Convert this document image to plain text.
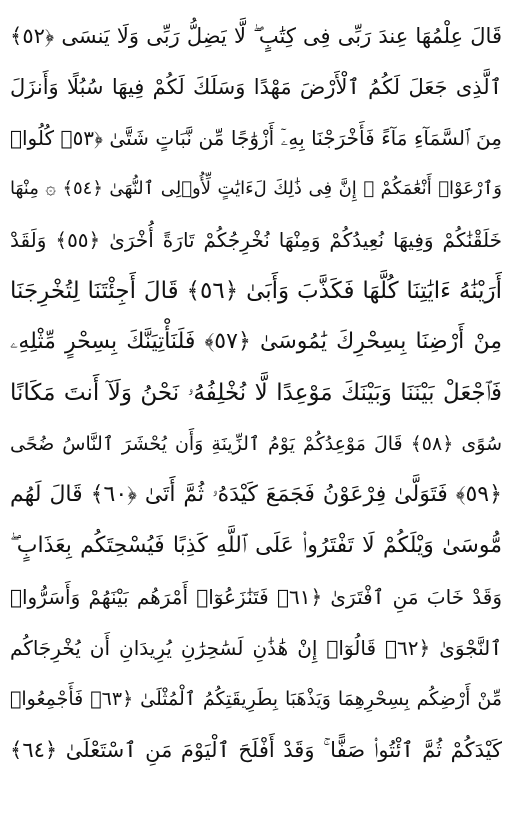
قَالَ عِلْمُهَا عِندَ رَبِّى فِى كِتَٰبٍ ۖ لَّا يَضِلُّ رَبِّى وَلَا يَنسَى ﴿٥٢﴾
ٱلَّذِى جَعَلَ لَكُمُ ٱلْأَرْضَ مَهْدًا وَسَلَكَ لَكُمْ فِيهَا سُبُلًا وَأَنزَلَ
مِنَ ٱلسَّمَآءِ مَآءً فَأَخْرَجْنَا بِهِۦٓ أَزْوَٰجًا مِّن نَّبَاتٍ شَتَّىٰ ﴿٥٣﴾ كُلُوا۟
وَٱرْعَوْا۟ أَنْعَٰمَكُمْ ۗ إِنَّ فِى ذَٰلِكَ لَءَايَٰتٍ لِّأُو۟لِى ٱلنُّهَىٰ ﴿٥٤﴾ ۞ مِنْهَا
خَلَقْنَٰكُمْ وَفِيهَا نُعِيدُكُمْ وَمِنْهَا نُخْرِجُكُمْ تَارَةً أُخْرَىٰ ﴿٥٥﴾ وَلَقَدْ
أَرَيْنَٰهُ ءَايَٰتِنَا كُلَّهَا فَكَذَّبَ وَأَبَىٰ ﴿٥٦﴾ قَالَ أَجِئْتَنَا لِتُخْرِجَنَا
مِنْ أَرْضِنَا بِسِحْرِكَ يَٰمُوسَىٰ ﴿٥٧﴾ فَلَنَأْتِيَنَّكَ بِسِحْرٍ مِّثْلِهِۦ
فَٱجْعَلْ بَيْنَنَا وَبَيْنَكَ مَوْعِدًا لَّا نُخْلِفُهُۥ نَحْنُ وَلَآ أَنتَ مَكَانًا
سُوًى ﴿٥٨﴾ قَالَ مَوْعِدُكُمْ يَوْمُ ٱلزِّينَةِ وَأَن يُحْشَرَ ٱلنَّاسُ ضُحًى
﴿٥٩﴾ فَتَوَلَّىٰ فِرْعَوْنُ فَجَمَعَ كَيْدَهُۥ ثُمَّ أَتَىٰ ﴿٦٠﴾ قَالَ لَهُم
مُّوسَىٰ وَيْلَكُمْ لَا تَفْتَرُوا۟ عَلَى ٱللَّهِ كَذِبًا فَيُسْحِتَكُم بِعَذَابٍ ۖ
وَقَدْ خَابَ مَنِ ٱفْتَرَىٰ ﴿٦١﴾ فَتَنَٰزَعُوٓا۟ أَمْرَهُم بَيْنَهُمْ وَأَسَرُّوا۟
ٱلنَّجْوَىٰ ﴿٦٢﴾ قَالُوٓا۟ إِنْ هَٰذَٰنِ لَسَٰحِرَٰنِ يُرِيدَانِ أَن يُخْرِجَاكُم
مِّنْ أَرْضِكُم بِسِحْرِهِمَا وَيَذْهَبَا بِطَرِيقَتِكُمُ ٱلْمُثْلَىٰ ﴿٦٣﴾ فَأَجْمِعُوا۟
كَيْدَكُمْ ثُمَّ ٱئْتُوا۟ صَفًّا ۚ وَقَدْ أَفْلَحَ ٱلْيَوْمَ مَنِ ٱسْتَعْلَىٰ ﴿٦٤﴾
